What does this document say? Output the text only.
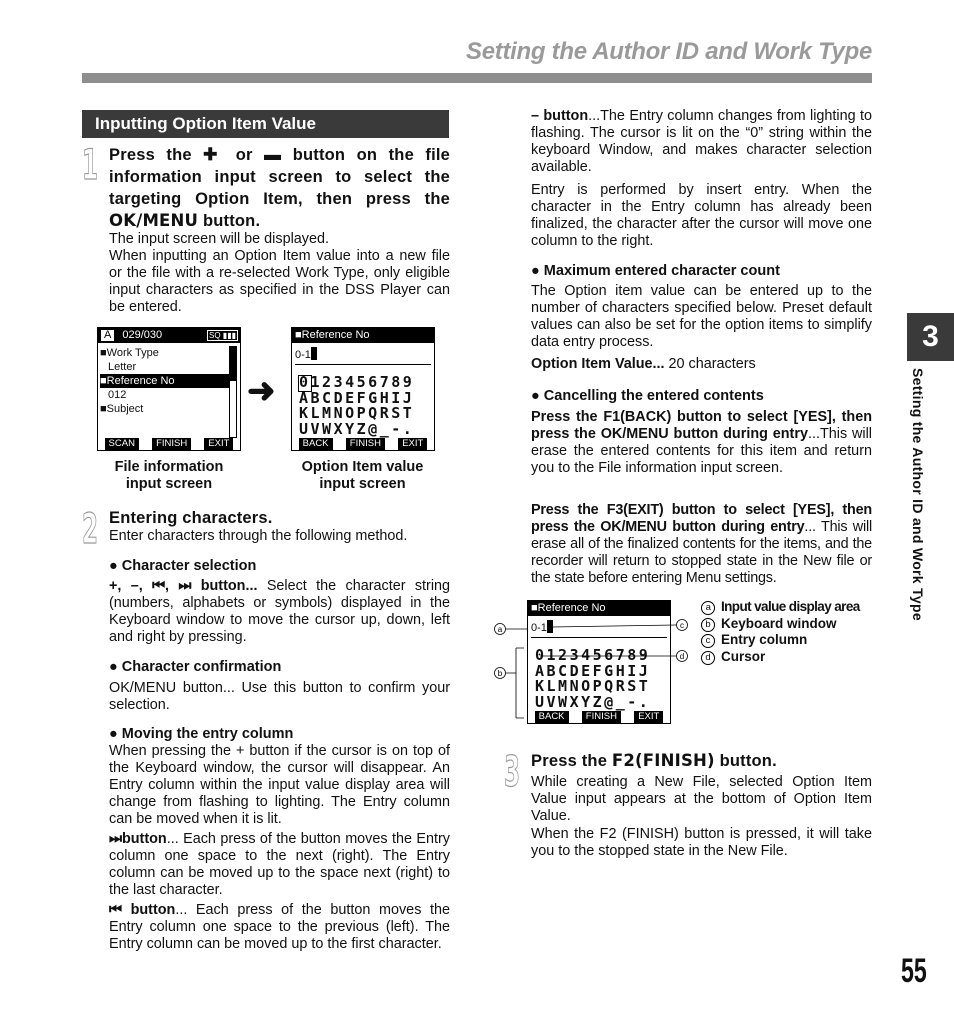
Setting the Author ID and Work Type
Inputting Option Item Value
1 Press the ✚ or ▬ button on the file information input screen to select the targeting Option Item, then press the OK/MENU button.
The input screen will be displayed.
When inputting an Option Item value into a new file or the file with a re-selected Work Type, only eligible input characters as specified in the DSS Player can be entered.
A 029/030	SQ ▮▮▮
■Work Type
Letter
■Reference No
012
■Subject
SCAN	FINISH	EXIT
➜
■Reference No
0-1
0123456789
ABCDEFGHIJ
KLMNOPQRST
UVWXYZ@_-.
BACK	FINISH	EXIT
File information input screen
Option Item value input screen
2 Entering characters.
Enter characters through the following method.
● Character selection
+, –, ⏮, ⏭ button... Select the character string (numbers, alphabets or symbols) displayed in the Keyboard window to move the cursor up, down, left and right by pressing.
● Character confirmation
OK/MENU button... Use this button to confirm your selection.
● Moving the entry column
When pressing the + button if the cursor is on top of the Keyboard window, the cursor will disappear. An Entry column within the input value display area will change from flashing to lighting. The Entry column can be moved when it is lit.
⏭button... Each press of the button moves the Entry column one space to the next (right). The Entry column can be moved up to the space next (right) to the last character.
⏮ button... Each press of the button moves the Entry column one space to the previous (left). The Entry column can be moved up to the first character.
– button...The Entry column changes from lighting to flashing. The cursor is lit on the “0” string within the keyboard Window, and makes character selection available.
Entry is performed by insert entry. When the character in the Entry column has already been finalized, the character after the cursor will move one column to the right.
● Maximum entered character count
The Option item value can be entered up to the number of characters specified below. Preset default values can also be set for the option items to simplify data entry process.
Option Item Value... 20 characters
● Cancelling the entered contents
Press the F1(BACK) button to select [YES], then press the OK/MENU button during entry...This will erase the entered contents for this item and return you to the File information input screen.
Press the F3(EXIT) button to select [YES], then press the OK/MENU button during entry... This will erase all of the finalized contents for the items, and the recorder will return to stopped state in the New file or the state before entering Menu settings.
■Reference No
0-1
0123456789
ABCDEFGHIJ
KLMNOPQRST
UVWXYZ@_-.
BACK	FINISH	EXIT
a
b
c
d
a Input value display area
b Keyboard window
c Entry column
d Cursor
3 Press the F2(FINISH) button.
While creating a New File, selected Option Item Value input appears at the bottom of Option Item Value.
When the F2 (FINISH) button is pressed, it will take you to the stopped state in the New File.
3
Setting the Author ID and Work Type
55
